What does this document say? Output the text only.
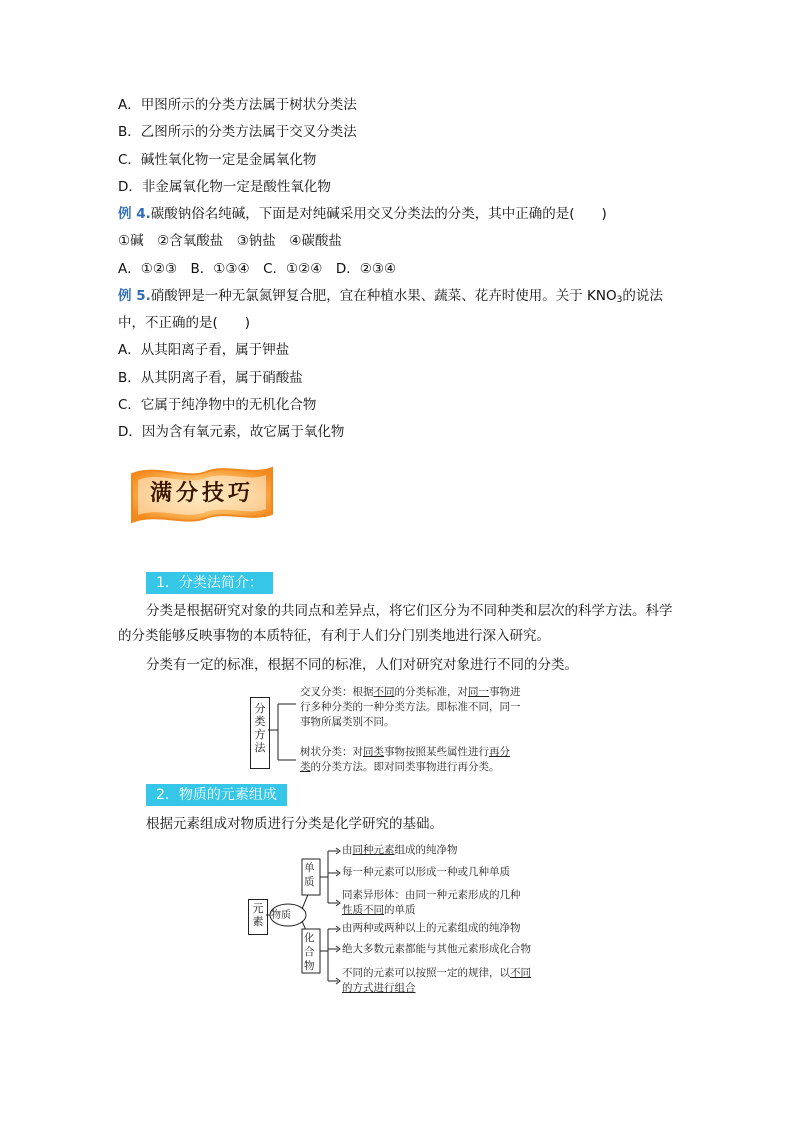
A．甲图所示的分类方法属于树状分类法
B．乙图所示的分类方法属于交叉分类法
C．碱性氧化物一定是金属氧化物
D．非金属氧化物一定是酸性氧化物
例 4.碳酸钠俗名纯碱，下面是对纯碱采用交叉分类法的分类，其中正确的是(　　)
①碱　②含氧酸盐　③钠盐　④碳酸盐
A．①②③　B．①③④　C．①②④　D．②③④
例 5.硝酸钾是一种无氯氮钾复合肥，宜在种植水果、蔬菜、花卉时使用。关于 $KNO_3$的说法
中，不正确的是(　　)
A．从其阳离子看，属于钾盐
B．从其阴离子看，属于硝酸盐
C．它属于纯净物中的无机化合物
D．因为含有氧元素，故它属于氧化物
满分技巧
1．分类法简介：
分类是根据研究对象的共同点和差异点，将它们区分为不同种类和层次的科学方法。科学的分类能够反映事物的本质特征，有利于人们分门别类地进行深入研究。
分类有一定的标准，根据不同的标准，人们对研究对象进行不同的分类。
分类方法
交叉分类：根据不同的分类标准，对同一事物进
行多种分类的一种分类方法。即标准不同，同一
事物所属类别不同。
树状分类：对同类事物按照某些属性进行再分
类的分类方法。即对同类事物进行再分类。
2．物质的元素组成
根据元素组成对物质进行分类是化学研究的基础。
元素 物质
单质
化合物
由同种元素组成的纯净物
每一种元素可以形成一种或几种单质
同素异形体：由同一种元素形成的几种
性质不同的单质
由两种或两种以上的元素组成的纯净物
绝大多数元素都能与其他元素形成化合物
不同的元素可以按照一定的规律，以不同
的方式进行组合
